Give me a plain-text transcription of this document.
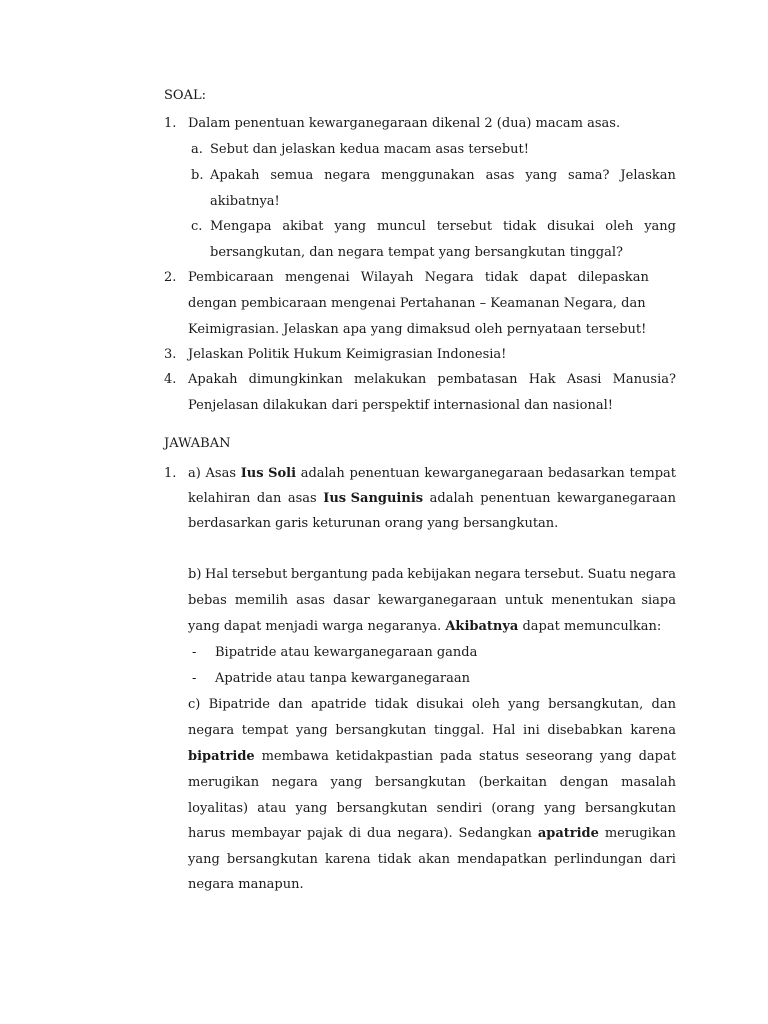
SOAL:
1. Dalam penentuan kewarganegaraan dikenal 2 (dua) macam asas.
a. Sebut dan jelaskan kedua macam asas tersebut!
b. Apakah semua negara menggunakan asas yang sama? Jelaskan
akibatnya!
c. Mengapa akibat yang muncul tersebut tidak disukai oleh yang
bersangkutan, dan negara tempat yang bersangkutan tinggal?
2. Pembicaraan mengenai Wilayah Negara tidak dapat dilepaskan
dengan pembicaraan mengenai Pertahanan – Keamanan Negara, dan
Keimigrasian. Jelaskan apa yang dimaksud oleh pernyataan tersebut!
3. Jelaskan Politik Hukum Keimigrasian Indonesia!
4. Apakah dimungkinkan melakukan pembatasan Hak Asasi Manusia?
Penjelasan dilakukan dari perspektif internasional dan nasional!
JAWABAN
1. a) Asas Ius Soli adalah penentuan kewarganegaraan bedasarkan tempat
kelahiran dan asas Ius Sanguinis adalah penentuan kewarganegaraan
berdasarkan garis keturunan orang yang bersangkutan.
b) Hal tersebut bergantung pada kebijakan negara tersebut. Suatu negara
bebas memilih asas dasar kewarganegaraan untuk menentukan siapa
yang dapat menjadi warga negaranya. Akibatnya dapat memunculkan:
- Bipatride atau kewarganegaraan ganda
- Apatride atau tanpa kewarganegaraan
c) Bipatride dan apatride tidak disukai oleh yang bersangkutan, dan
negara tempat yang bersangkutan tinggal. Hal ini disebabkan karena
bipatride membawa ketidakpastian pada status seseorang yang dapat
merugikan negara yang bersangkutan (berkaitan dengan masalah
loyalitas) atau yang bersangkutan sendiri (orang yang bersangkutan
harus membayar pajak di dua negara). Sedangkan apatride merugikan
yang bersangkutan karena tidak akan mendapatkan perlindungan dari
negara manapun.
